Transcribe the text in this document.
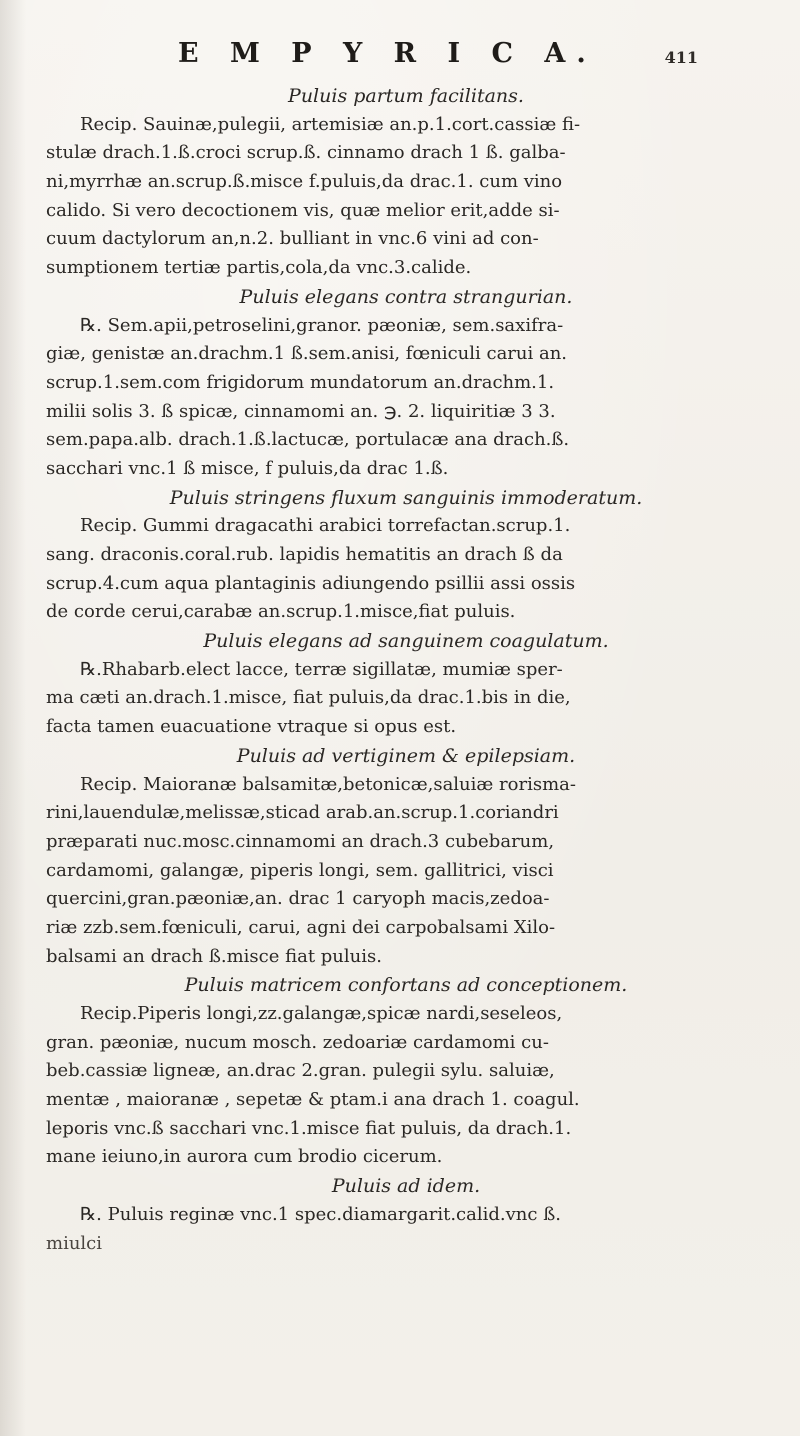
E M P Y R I C A.	411
Puluis partum facilitans.
Recip. Sauinæ,pulegii, artemisiæ an.p.1.cort.cassiæ fi-
stulæ drach.1.ß.croci scrup.ß. cinnamo drach 1 ß. galba-
ni,myrrhæ an.scrup.ß.misce f.puluis,da drac.1. cum vino
calido. Si vero decoctionem vis, quæ melior erit,adde si-
cuum dactylorum an,n.2. bulliant in vnc.6 vini ad con-
sumptionem tertiæ partis,cola,da vnc.3.calide.
Puluis elegans contra strangurian.
℞. Sem.apii,petroselini,granor. pæoniæ, sem.saxifra-
giæ, genistæ an.drachm.1 ß.sem.anisi, fœniculi carui an.
scrup.1.sem.com frigidorum mundatorum an.drachm.1.
milii solis 3. ß spicæ, cinnamomi an. ℈. 2. liquiritiæ 3 3.
sem.papa.alb. drach.1.ß.lactucæ, portulacæ ana drach.ß.
sacchari vnc.1 ß misce, f puluis,da drac 1.ß.
Puluis stringens fluxum sanguinis immoderatum.
Recip. Gummi dragacathi arabici torrefactan.scrup.1.
sang. draconis.coral.rub. lapidis hematitis an drach ß da
scrup.4.cum aqua plantaginis adiungendo psillii assi ossis
de corde cerui,carabæ an.scrup.1.misce,fiat puluis.
Puluis elegans ad sanguinem coagulatum.
℞.Rhabarb.elect lacce, terræ sigillatæ, mumiæ sper-
ma cæti an.drach.1.misce, fiat puluis,da drac.1.bis in die,
facta tamen euacuatione vtraque si opus est.
Puluis ad vertiginem & epilepsiam.
Recip. Maioranæ balsamitæ,betonicæ,saluiæ rorisma-
rini,lauendulæ,melissæ,sticad arab.an.scrup.1.coriandri
præparati nuc.mosc.cinnamomi an drach.3 cubebarum,
cardamomi, galangæ, piperis longi, sem. gallitrici, visci
quercini,gran.pæoniæ,an. drac 1 caryoph macis,zedoa-
riæ zzb.sem.fœniculi, carui, agni dei carpobalsami Xilo-
balsami an drach ß.misce fiat puluis.
Puluis matricem confortans ad conceptionem.
Recip.Piperis longi,zz.galangæ,spicæ nardi,seseleos,
gran. pæoniæ, nucum mosch. zedoariæ cardamomi cu-
beb.cassiæ ligneæ, an.drac 2.gran. pulegii sylu. saluiæ,
mentæ , maioranæ , sepetæ & ptam.i ana drach 1. coagul.
leporis vnc.ß sacchari vnc.1.misce fiat puluis, da drach.1.
mane ieiuno,in aurora cum brodio cicerum.
Puluis ad idem.
℞. Puluis reginæ vnc.1 spec.diamargarit.calid.vnc ß.
miulci
